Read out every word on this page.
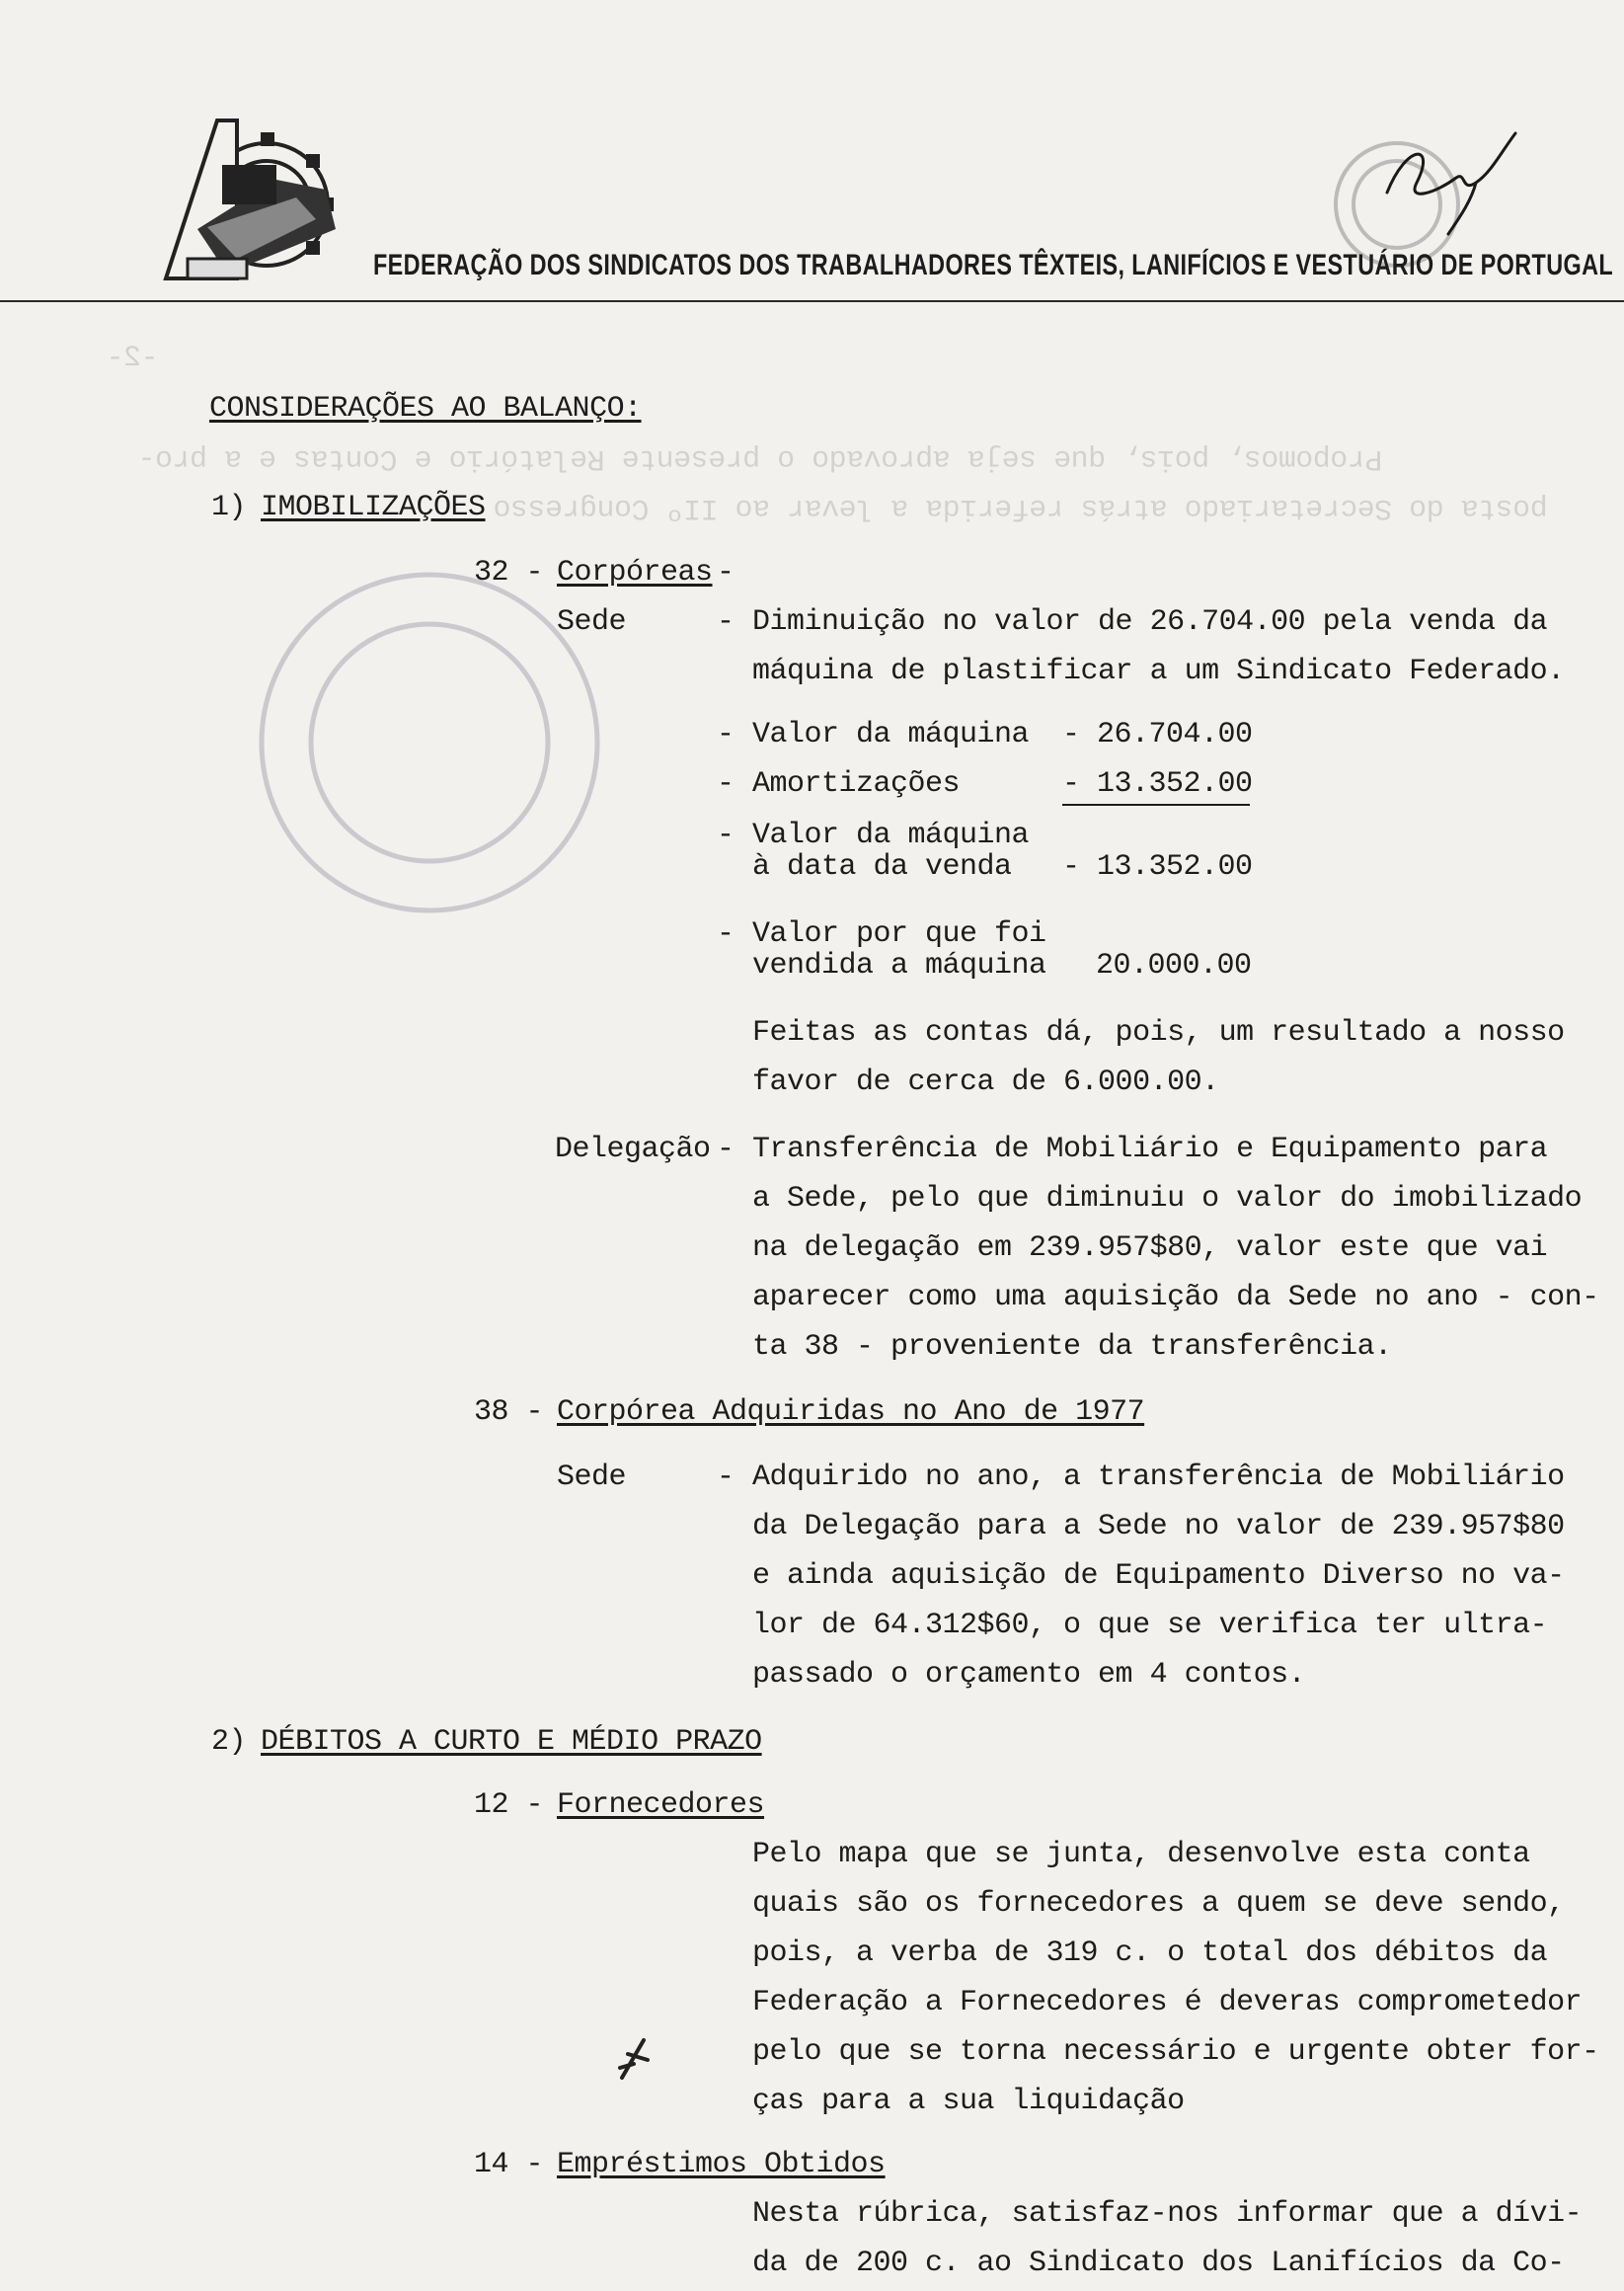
-2-
Propomos, pois, que seja aprovado o presente Relatório e Contas e a pro-
posta do Secretariado atrás referida a levar ao IIº Congresso
FEDERAÇÃO DOS SINDICATOS DOS TRABALHADORES TÊXTEIS, LANIFÍCIOS E VESTUÁRIO DE PORTUGAL
CONSIDERAÇÕES AO BALANÇO:
1) IMOBILIZAÇÕES
32 - Corpóreas -
Sede	- Diminuição no valor de 26.704.00 pela venda da
máquina de plastificar a um Sindicato Federado.
- Valor da máquina - 26.704.00
- Amortizações	- 13.352.00
- Valor da máquina
à data da venda - 13.352.00
- Valor por que foi
vendida a máquina 20.000.00
Feitas as contas dá, pois, um resultado a nosso
favor de cerca de 6.000.00.
Delegação - Transferência de Mobiliário e Equipamento para
a Sede, pelo que diminuiu o valor do imobilizado
na delegação em 239.957$80, valor este que vai
aparecer como uma aquisição da Sede no ano - con-
ta 38 - proveniente da transferência.
38 - Corpórea Adquiridas no Ano de 1977
Sede	- Adquirido no ano, a transferência de Mobiliário
da Delegação para a Sede no valor de 239.957$80
e ainda aquisição de Equipamento Diverso no va-
lor de 64.312$60, o que se verifica ter ultra-
passado o orçamento em 4 contos.
2) DÉBITOS A CURTO E MÉDIO PRAZO
12 - Fornecedores
Pelo mapa que se junta, desenvolve esta conta
quais são os fornecedores a quem se deve sendo,
pois, a verba de 319 c. o total dos débitos da
Federação a Fornecedores é deveras comprometedor
pelo que se torna necessário e urgente obter for-
ças para a sua liquidação
14 - Empréstimos Obtidos
Nesta rúbrica, satisfaz-nos informar que a dívi-
da de 200 c. ao Sindicato dos Lanifícios da Co-
